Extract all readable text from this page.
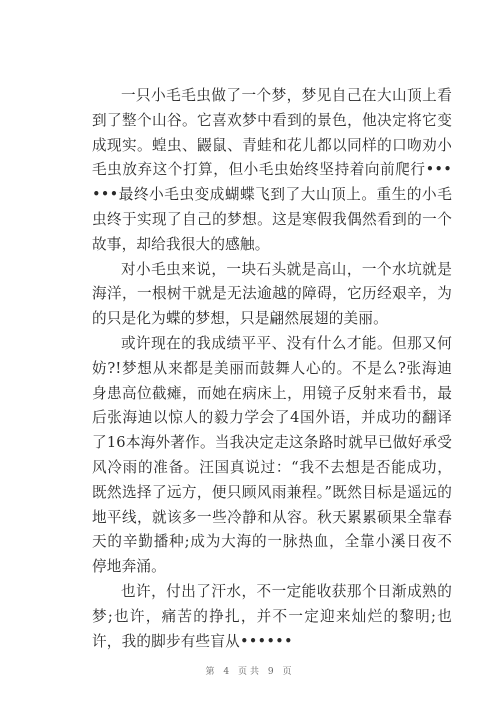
一只小毛毛虫做了一个梦，梦见自己在大山顶上看到了整个山谷。它喜欢梦中看到的景色，他决定将它变成现实。蝗虫、鼹鼠、青蛙和花儿都以同样的口吻劝小毛虫放弃这个打算，但小毛虫始终坚持着向前爬行••••••最终小毛虫变成蝴蝶飞到了大山顶上。重生的小毛虫终于实现了自己的梦想。这是寒假我偶然看到的一个故事，却给我很大的感触。

对小毛虫来说，一块石头就是高山，一个水坑就是海洋，一根树干就是无法逾越的障碍，它历经艰辛，为的只是化为蝶的梦想，只是翩然展翅的美丽。

或许现在的我成绩平平、没有什么才能。但那又何妨?!梦想从来都是美丽而鼓舞人心的。不是么?张海迪身患高位截瘫，而她在病床上，用镜子反射来看书，最后张海迪以惊人的毅力学会了4国外语，并成功的翻译了16本海外著作。当我决定走这条路时就早已做好承受风冷雨的准备。汪国真说过：“我不去想是否能成功，既然选择了远方，便只顾风雨兼程。”既然目标是遥远的地平线，就该多一些冷静和从容。秋天累累硕果全靠春天的辛勤播种;成为大海的一脉热血，全靠小溪日夜不停地奔涌。

也许，付出了汗水，不一定能收获那个日渐成熟的梦;也许，痛苦的挣扎，并不一定迎来灿烂的黎明;也许，我的脚步有些盲从••••••

第 4 页共 9 页
